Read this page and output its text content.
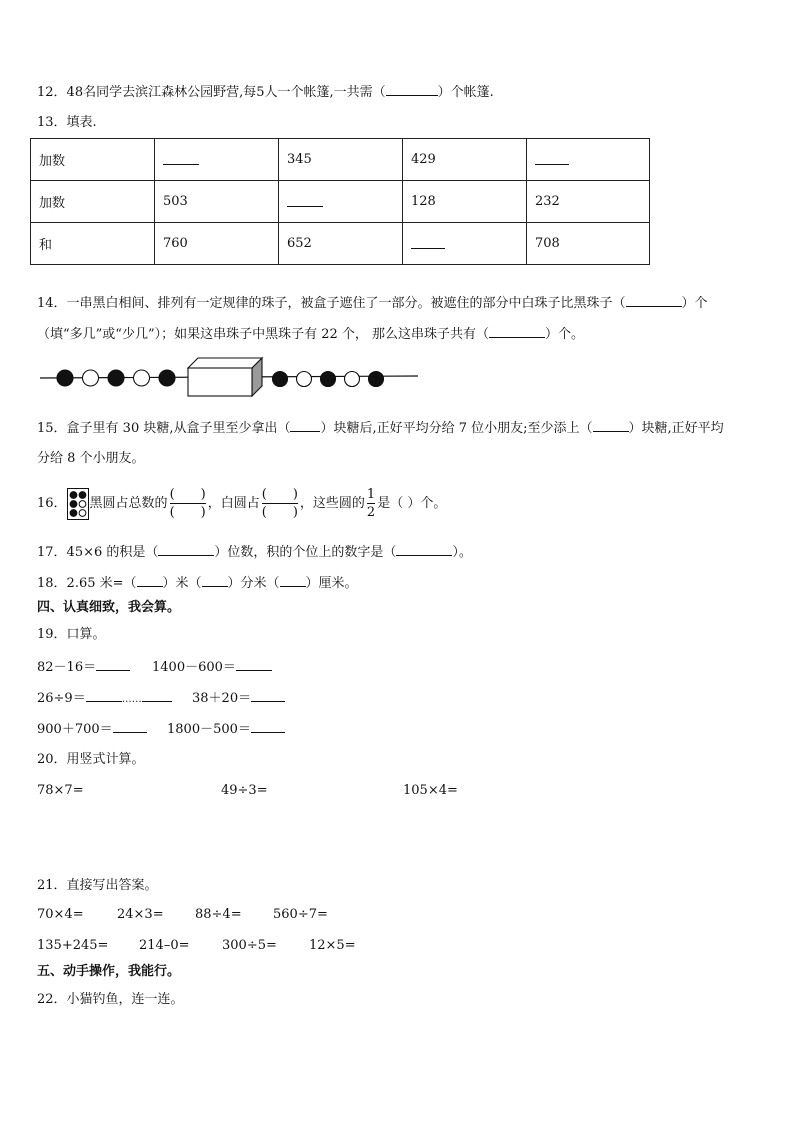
12．48名同学去滨江森林公园野营,每5人一个帐篷,一共需（	）个帐篷.
13．填表.
加数		345	429	
加数	503		128	232
和	760	652		708
14．一串黑白相间、排列有一定规律的珠子，被盒子遮住了一部分。被遮住的部分中白珠子比黑珠子（	）个
（填“多几”或“少几”）；如果这串珠子中黑珠子有 22 个， 那么这串珠子共有（	）个。
15．盒子里有 30 块糖,从盒子里至少拿出（ ）块糖后,正好平均分给 7 位小朋友;至少添上（	）块糖,正好平均
分给 8 个小朋友。
16． 黑圆占总数的 $\frac{( )}{( )}$ ，白圆占 $\frac{( )}{( )}$ ，这些圆的 $\frac{1}{2}$ 是（ ）个。
17．45×6 的积是（	）位数，积的个位上的数字是（	）。
18．2.65 米=（ ）米（ ）分米（ ）厘米。
四、认真细致，我会算。
19．口算。
82－16＝	1400－600＝
26÷9＝	……	38＋20＝
900＋700＝	1800－500＝
20．用竖式计算。
78×7=	49÷3=	105×4=
21．直接写出答案。
70×4=	24×3= 88÷4= 560÷7=
135+245= 214–0=	300÷5= 12×5=
五、动手操作，我能行。
22．小猫钓鱼，连一连。
